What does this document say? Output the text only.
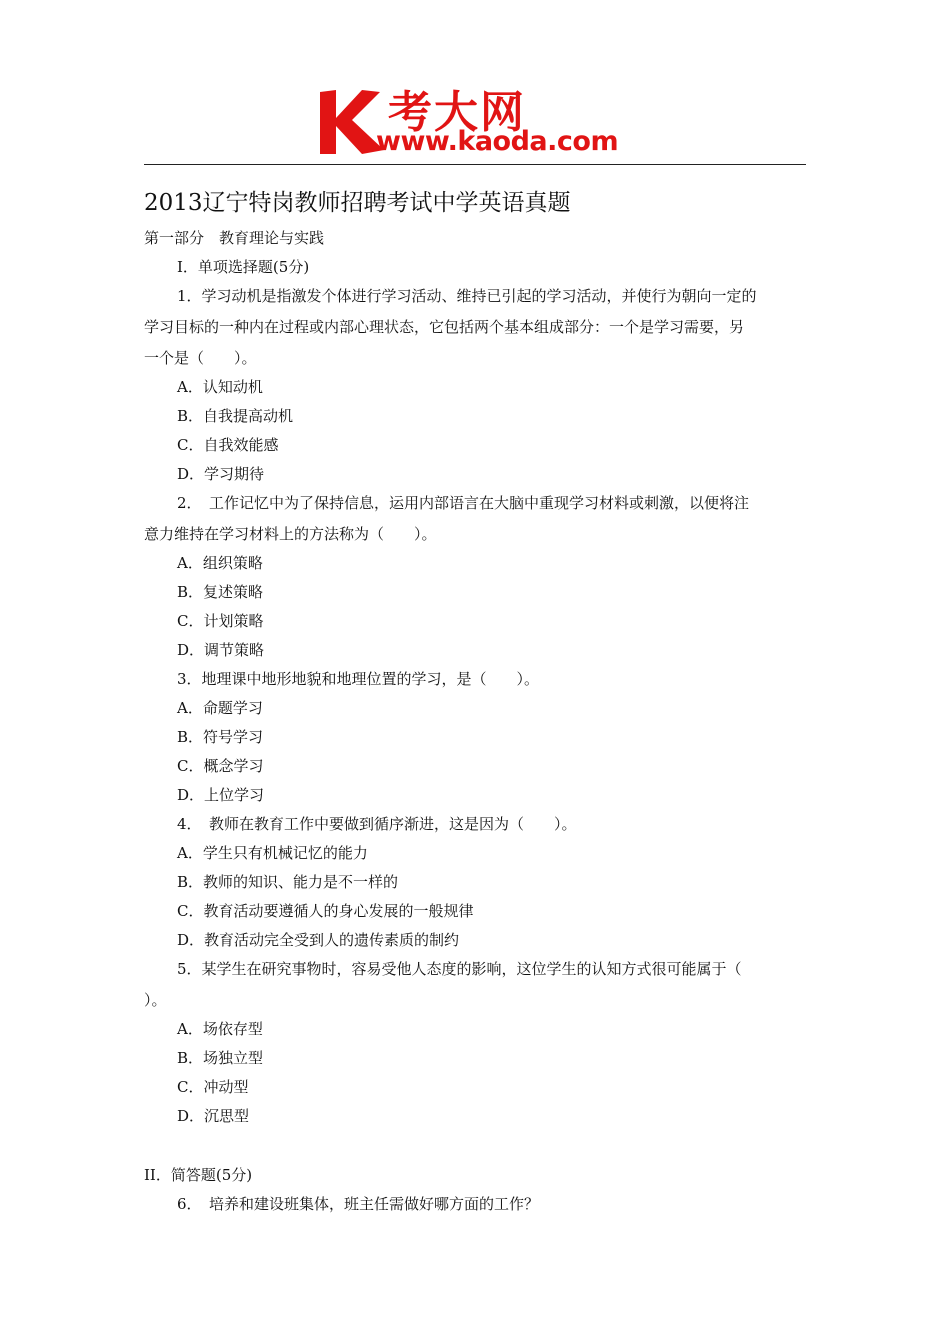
考大网
www.kaoda.com
2013辽宁特岗教师招聘考试中学英语真题
第一部分　教育理论与实践
I．单项选择题(5分)
1．学习动机是指激发个体进行学习活动、维持已引起的学习活动，并使行为朝向一定的
学习目标的一种内在过程或内部心理状态，它包括两个基本组成部分：一个是学习需要，另
一个是（　　）。
A．认知动机
B．自我提高动机
C．自我效能感
D．学习期待
2．　工作记忆中为了保持信息，运用内部语言在大脑中重现学习材料或刺激，以便将注
意力维持在学习材料上的方法称为（　　）。
A．组织策略
B．复述策略
C．计划策略
D．调节策略
3．地理课中地形地貌和地理位置的学习，是（　　）。
A．命题学习
B．符号学习
C．概念学习
D．上位学习
4．　教师在教育工作中要做到循序渐进，这是因为（　　）。
A．学生只有机械记忆的能力
B．教师的知识、能力是不一样的
C．教育活动要遵循人的身心发展的一般规律
D．教育活动完全受到人的遗传素质的制约
5．某学生在研究事物时，容易受他人态度的影响，这位学生的认知方式很可能属于（
）。
A．场依存型
B．场独立型
C．冲动型
D．沉思型
II．简答题(5分)
6．　培养和建设班集体，班主任需做好哪方面的工作？
